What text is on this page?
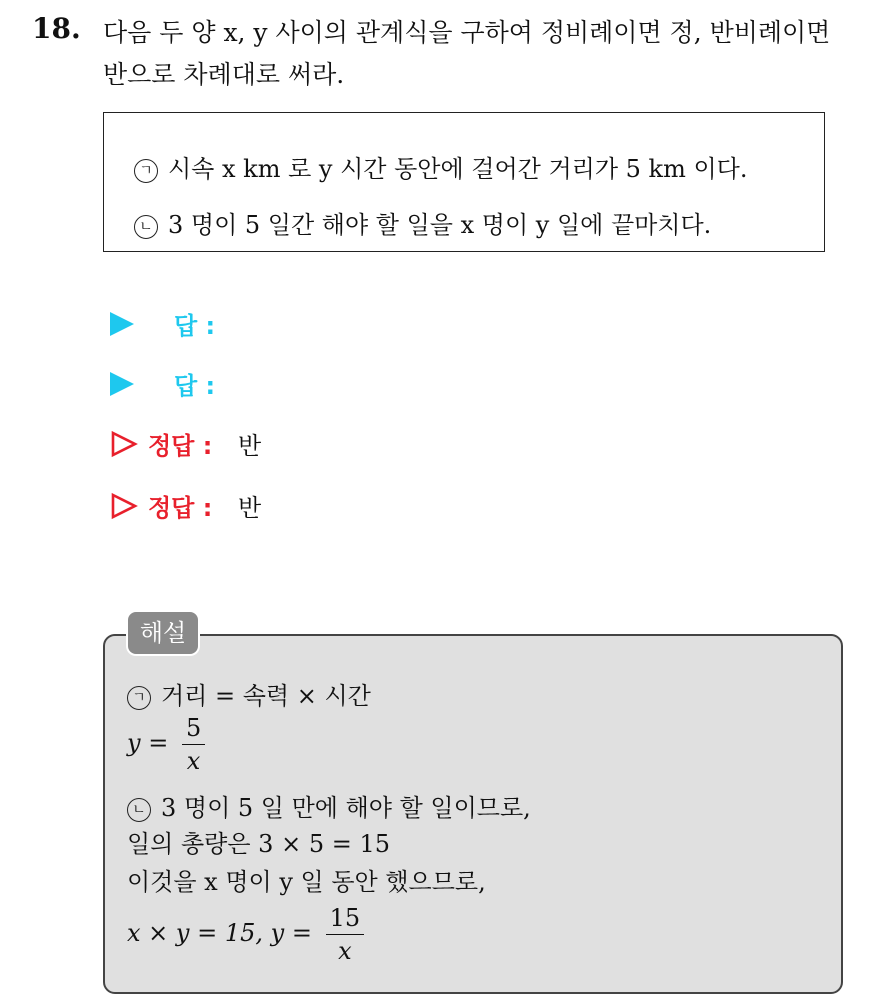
18. 다음 두 양 x, y 사이의 관계식을 구하여 정비례이면 정, 반비례이면
반으로 차례대로 써라.
ㄱ 시속 x km 로 y 시간 동안에 걸어간 거리가 5 km 이다.
ㄴ 3 명이 5 일간 해야 할 일을 x 명이 y 일에 끝마치다.
답 :
답 :
정답 : 반
정답 : 반
ㄱ 거리 = 속력 × 시간
$y = \frac{5}{x}$
ㄴ 3 명이 5 일 만에 해야 할 일이므로,
일의 총량은 3 × 5 = 15
이것을 x 명이 y 일 동안 했으므로,
x × y = 15, $y = \frac{15}{x}$
해설
